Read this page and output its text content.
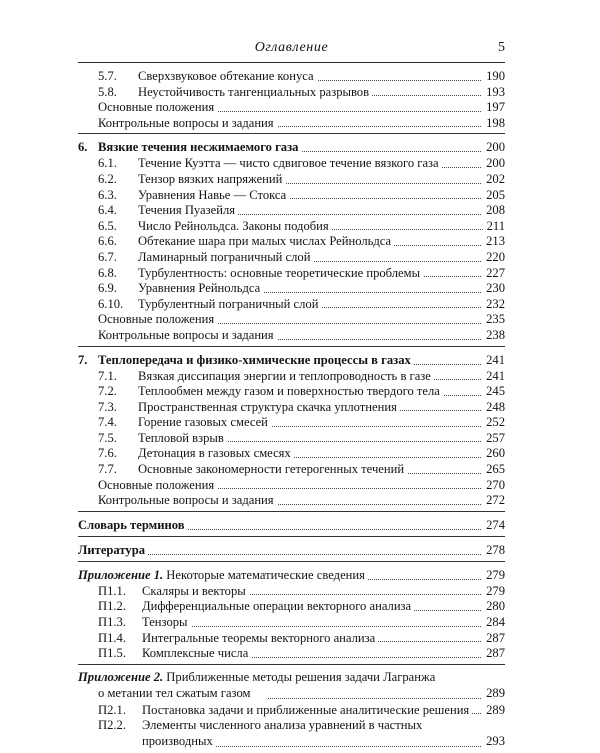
Оглавление	5
5.7. Сверхзвуковое обтекание конуса	190
5.8. Неустойчивость тангенциальных разрывов	193
Основные положения	197
Контрольные вопросы и задания	198
6. Вязкие течения несжимаемого газа	200
6.1. Течение Куэтта — чисто сдвиговое течение вязкого газа	200
6.2. Тензор вязких напряжений	202
6.3. Уравнения Навье — Стокса	205
6.4. Течения Пуазейля	208
6.5. Число Рейнольдса. Законы подобия	211
6.6. Обтекание шара при малых числах Рейнольдса	213
6.7. Ламинарный пограничный слой	220
6.8. Турбулентность: основные теоретические проблемы	227
6.9. Уравнения Рейнольдса	230
6.10. Турбулентный пограничный слой	232
Основные положения	235
Контрольные вопросы и задания	238
7. Теплопередача и физико-химические процессы в газах	241
7.1. Вязкая диссипация энергии и теплопроводность в газе	241
7.2. Теплообмен между газом и поверхностью твердого тела	245
7.3. Пространственная структура скачка уплотнения	248
7.4. Горение газовых смесей	252
7.5. Тепловой взрыв	257
7.6. Детонация в газовых смесях	260
7.7. Основные закономерности гетерогенных течений	265
Основные положения	270
Контрольные вопросы и задания	272
Словарь терминов	274
Литература	278
Приложение 1. Некоторые математические сведения	279
П1.1. Скаляры и векторы	279
П1.2. Дифференциальные операции векторного анализа	280
П1.3. Тензоры	284
П1.4. Интегральные теоремы векторного анализа	287
П1.5. Комплексные числа	287
Приложение 2. Приближенные методы решения задачи Лагранжа
о метании тел сжатым газом	289
П2.1. Постановка задачи и приближенные аналитические решения	289
П2.2. Элементы численного анализа уравнений в частных
производных	293
